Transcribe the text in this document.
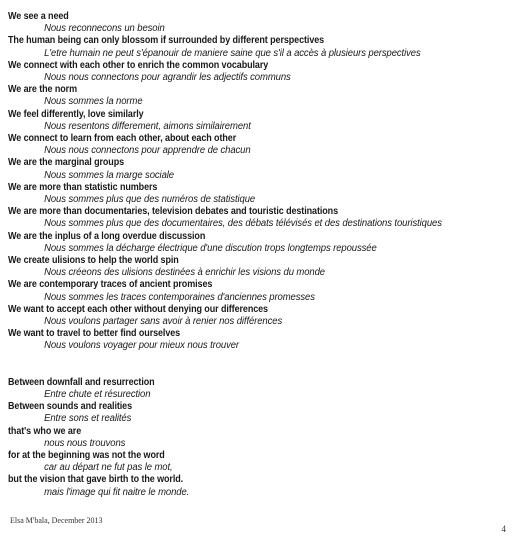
We see a need
Nous reconnecons un besoin
The human being can only blossom if surrounded by different perspectives
L'etre humain ne peut s'épanouir de maniere saine que s'il a accès à plusieurs perspectives
We connect with each other to enrich the common vocabulary
Nous nous connectons pour agrandir les adjectifs communs
We are the norm
Nous sommes la norme
We feel differently, love similarly
Nous resentons differement, aimons similairement
We connect to learn from each other, about each other
Nous nous connectons pour apprendre de chacun
We are the marginal groups
Nous sommes la marge sociale
We are more than statistic numbers
Nous sommes plus que des numéros de statistique
We are more than documentaries, television debates and touristic destinations
Nous sommes plus que des documentaires, des débats télévisés et des destinations touristiques
We are the inplus of a long overdue discussion
Nous sommes la décharge électrique d'une discution trops longtemps repoussée
We create ulisions to help the world spin
Nous créeons des ulisions destinées à enrichir les visions du monde
We are contemporary traces of ancient promises
Nous sommes les traces contemporaines d'anciennes promesses
We want to accept each other without denying our differences
Nous voulons partager sans avoir à renier nos différences
We want to travel to better find ourselves
Nous voulons voyager pour mieux nous trouver
Between downfall and resurrection
Entre chute et résurection
Between sounds and realities
Entre sons et realités
that's who we are
nous nous trouvons
for at the beginning was not the word
car au départ ne fut pas le mot,
but the vision that gave birth to the world.
mais l'image qui fit naitre le monde.
Elsa M'bala, December 2013
4
